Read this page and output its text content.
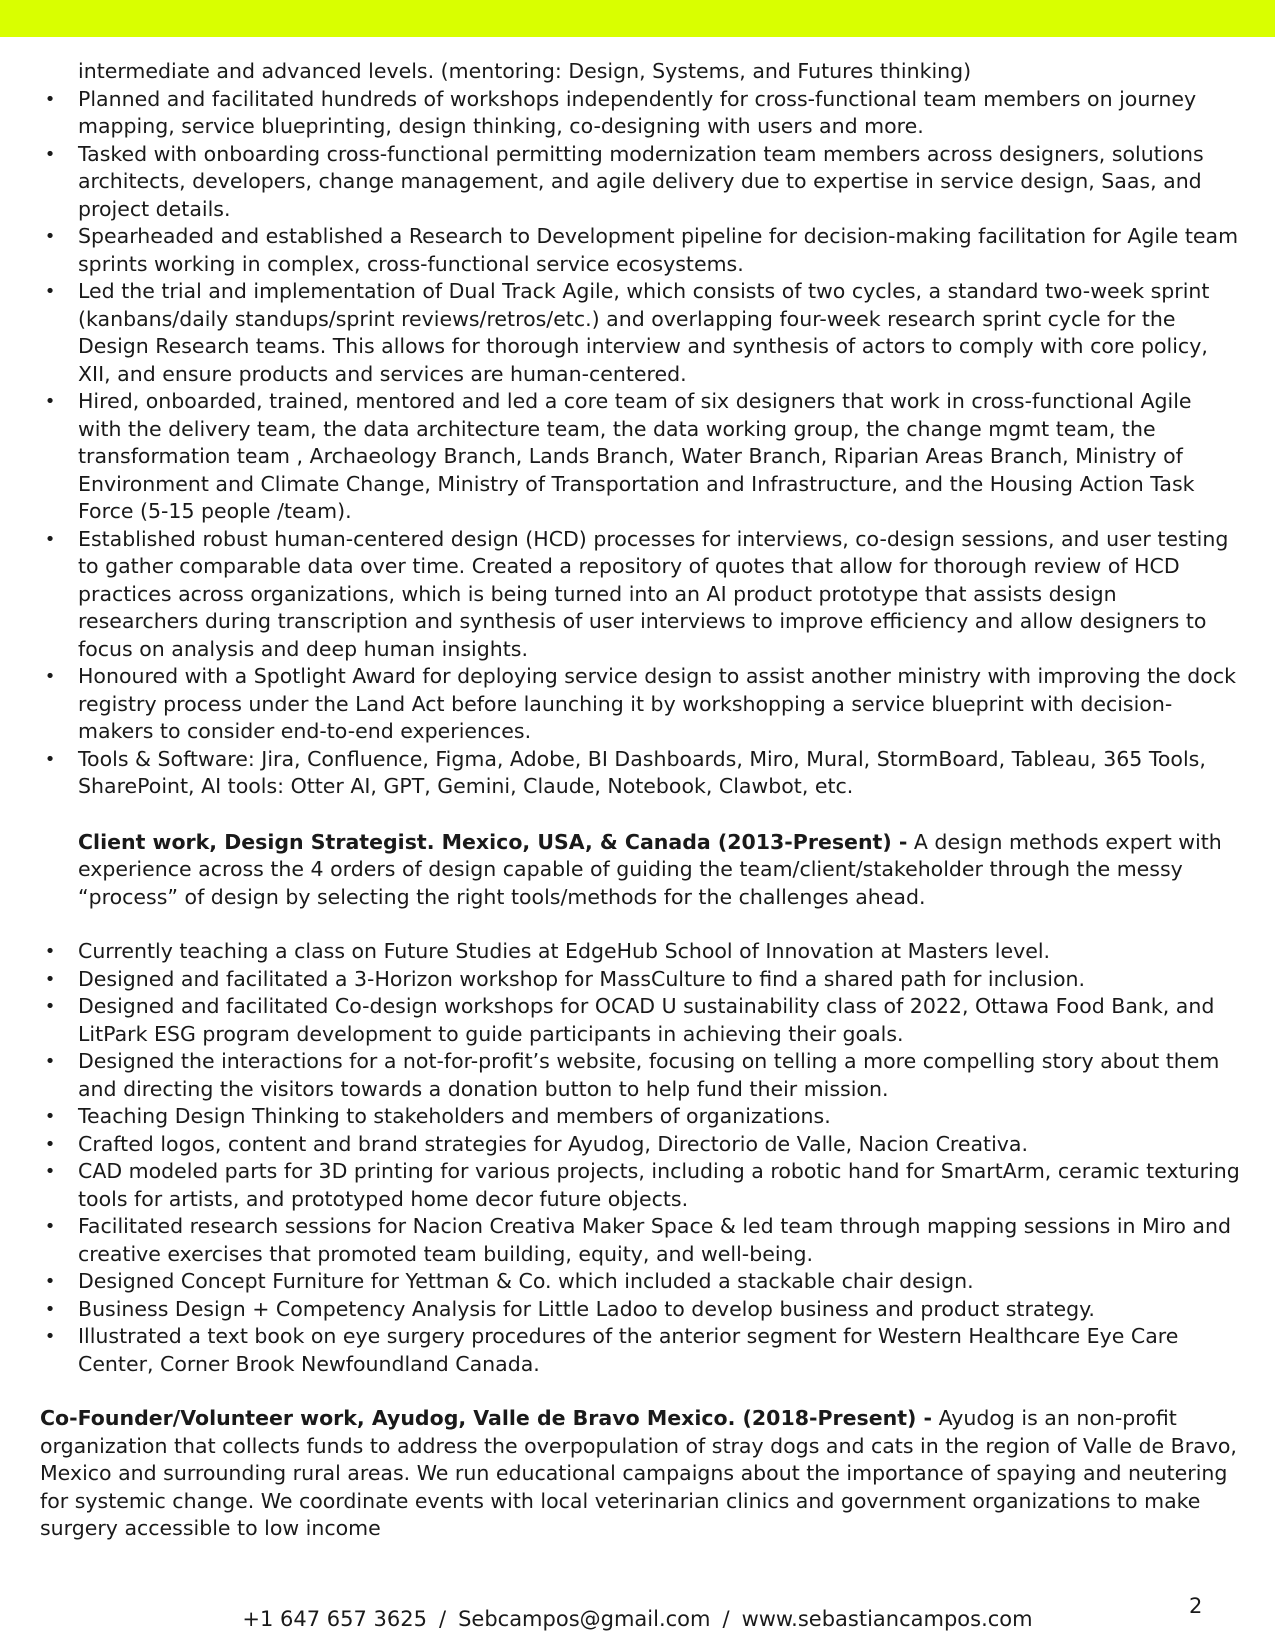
intermediate and advanced levels. (mentoring: Design, Systems, and Futures thinking)

• Planned and facilitated hundreds of workshops independently for cross-functional team members on journey mapping, service blueprinting, design thinking, co-designing with users and more.
• Tasked with onboarding cross-functional permitting modernization team members across designers, solutions architects, developers, change management, and agile delivery due to expertise in service design, Saas, and project details.
• Spearheaded and established a Research to Development pipeline for decision-making facilitation for Agile team sprints working in complex, cross-functional service ecosystems.
• Led the trial and implementation of Dual Track Agile, which consists of two cycles, a standard two-week sprint (kanbans/daily standups/sprint reviews/retros/etc.) and overlapping four-week research sprint cycle for the Design Research teams. This allows for thorough interview and synthesis of actors to comply with core policy, XII, and ensure products and services are human-centered.
• Hired, onboarded, trained, mentored and led a core team of six designers that work in cross-functional Agile with the delivery team, the data architecture team, the data working group, the change mgmt team, the transformation team , Archaeology Branch, Lands Branch, Water Branch, Riparian Areas Branch, Ministry of Environment and Climate Change, Ministry of Transportation and Infrastructure, and the Housing Action Task Force (5-15 people /team).
• Established robust human-centered design (HCD) processes for interviews, co-design sessions, and user testing to gather comparable data over time. Created a repository of quotes that allow for thorough review of HCD practices across organizations, which is being turned into an AI product prototype that assists design researchers during transcription and synthesis of user interviews to improve efficiency and allow designers to focus on analysis and deep human insights.
• Honoured with a Spotlight Award for deploying service design to assist another ministry with improving the dock registry process under the Land Act before launching it by workshopping a service blueprint with decision-makers to consider end-to-end experiences.
• Tools & Software: Jira, Confluence, Figma, Adobe, BI Dashboards, Miro, Mural, StormBoard, Tableau, 365 Tools, SharePoint, AI tools: Otter AI, GPT, Gemini, Claude, Notebook, Clawbot, etc.

Client work, Design Strategist. Mexico, USA, & Canada (2013-Present) - A design methods expert with experience across the 4 orders of design capable of guiding the team/client/stakeholder through the messy “process” of design by selecting the right tools/methods for the challenges ahead.

• Currently teaching a class on Future Studies at EdgeHub School of Innovation at Masters level.
• Designed and facilitated a 3-Horizon workshop for MassCulture to find a shared path for inclusion.
• Designed and facilitated Co-design workshops for OCAD U sustainability class of 2022, Ottawa Food Bank, and LitPark ESG program development to guide participants in achieving their goals.
• Designed the interactions for a not-for-profit’s website, focusing on telling a more compelling story about them and directing the visitors towards a donation button to help fund their mission.
• Teaching Design Thinking to stakeholders and members of organizations.
• Crafted logos, content and brand strategies for Ayudog, Directorio de Valle, Nacion Creativa.
• CAD modeled parts for 3D printing for various projects, including a robotic hand for SmartArm, ceramic texturing tools for artists, and prototyped home decor future objects.
• Facilitated research sessions for Nacion Creativa Maker Space & led team through mapping sessions in Miro and creative exercises that promoted team building, equity, and well-being.
• Designed Concept Furniture for Yettman & Co. which included a stackable chair design.
• Business Design + Competency Analysis for Little Ladoo to develop business and product strategy.
• Illustrated a text book on eye surgery procedures of the anterior segment for Western Healthcare Eye Care Center, Corner Brook Newfoundland Canada.

Co-Founder/Volunteer work, Ayudog, Valle de Bravo Mexico. (2018-Present) - Ayudog is an non-profit organization that collects funds to address the overpopulation of stray dogs and cats in the region of Valle de Bravo, Mexico and surrounding rural areas. We run educational campaigns about the importance of spaying and neutering for systemic change. We coordinate events with local veterinarian clinics and government organizations to make surgery accessible to low income

+1 647 657 3625 / Sebcampos@gmail.com / www.sebastiancampos.com
2
